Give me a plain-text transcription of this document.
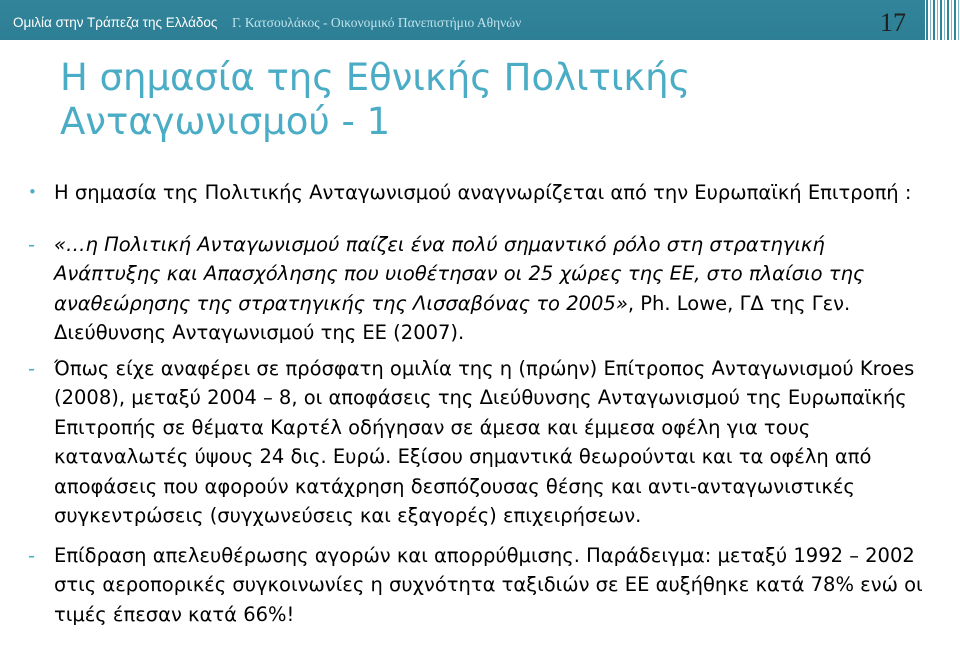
Ομιλία στην Τράπεζα της Ελλάδος Γ. Κατσουλάκος - Οικονομικό Πανεπιστήμιο Αθηνών	17
Η σημασία της Εθνικής Πολιτικής
Ανταγωνισμού - 1

• Η σημασία της Πολιτικής Ανταγωνισμού αναγνωρίζεται από την Ευρωπαϊκή Επιτροπή :

- «…η Πολιτική Ανταγωνισμού παίζει ένα πολύ σημαντικό ρόλο στη στρατηγική Ανάπτυξης και Απασχόλησης που υιοθέτησαν οι 25 χώρες της ΕΕ, στο πλαίσιο της αναθεώρησης της στρατηγικής της Λισσαβόνας το 2005», Ph. Lowe, ΓΔ της Γεν. Διεύθυνσης Ανταγωνισμού της ΕΕ (2007).

- Όπως είχε αναφέρει σε πρόσφατη ομιλία της η (πρώην) Επίτροπος Ανταγωνισμού Kroes (2008), μεταξύ 2004 – 8, οι αποφάσεις της Διεύθυνσης Ανταγωνισμού της Ευρωπαϊκής Επιτροπής σε θέματα Καρτέλ οδήγησαν σε άμεσα και έμμεσα οφέλη για τους καταναλωτές ύψους 24 δις. Ευρώ. Εξίσου σημαντικά θεωρούνται και τα οφέλη από αποφάσεις που αφορούν κατάχρηση δεσπόζουσας θέσης και αντι-ανταγωνιστικές συγκεντρώσεις (συγχωνεύσεις και εξαγορές) επιχειρήσεων.

- Επίδραση απελευθέρωσης αγορών και απορρύθμισης. Παράδειγμα: μεταξύ 1992 – 2002 στις αεροπορικές συγκοινωνίες η συχνότητα ταξιδιών σε ΕΕ αυξήθηκε κατά 78% ενώ οι τιμές έπεσαν κατά 66%!
